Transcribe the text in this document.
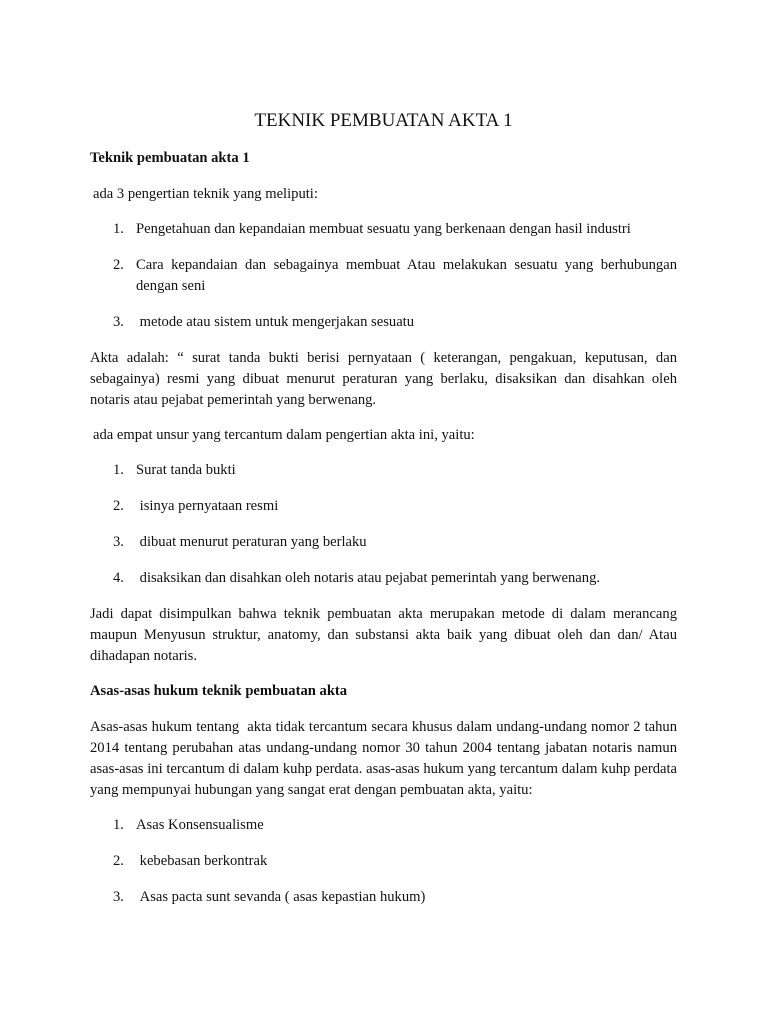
TEKNIK PEMBUATAN AKTA 1
Teknik pembuatan akta 1

ada 3 pengertian teknik yang meliputi:

1. Pengetahuan dan kepandaian membuat sesuatu yang berkenaan dengan hasil industri
2. Cara kepandaian dan sebagainya membuat Atau melakukan sesuatu yang berhubungan dengan seni
3. metode atau sistem untuk mengerjakan sesuatu

Akta adalah: “ surat tanda bukti berisi pernyataan ( keterangan, pengakuan, keputusan, dan sebagainya) resmi yang dibuat menurut peraturan yang berlaku, disaksikan dan disahkan oleh notaris atau pejabat pemerintah yang berwenang.

ada empat unsur yang tercantum dalam pengertian akta ini, yaitu:

1. Surat tanda bukti
2. isinya pernyataan resmi
3. dibuat menurut peraturan yang berlaku
4. disaksikan dan disahkan oleh notaris atau pejabat pemerintah yang berwenang.

Jadi dapat disimpulkan bahwa teknik pembuatan akta merupakan metode di dalam merancang maupun Menyusun struktur, anatomy, dan substansi akta baik yang dibuat oleh dan dan/ Atau dihadapan notaris.

Asas-asas hukum teknik pembuatan akta

Asas-asas hukum tentang  akta tidak tercantum secara khusus dalam undang-undang nomor 2 tahun 2014 tentang perubahan atas undang-undang nomor 30 tahun 2004 tentang jabatan notaris namun asas-asas ini tercantum di dalam kuhp perdata. asas-asas hukum yang tercantum dalam kuhp perdata yang mempunyai hubungan yang sangat erat dengan pembuatan akta, yaitu:

1. Asas Konsensualisme
2. kebebasan berkontrak
3. Asas pacta sunt sevanda ( asas kepastian hukum)
